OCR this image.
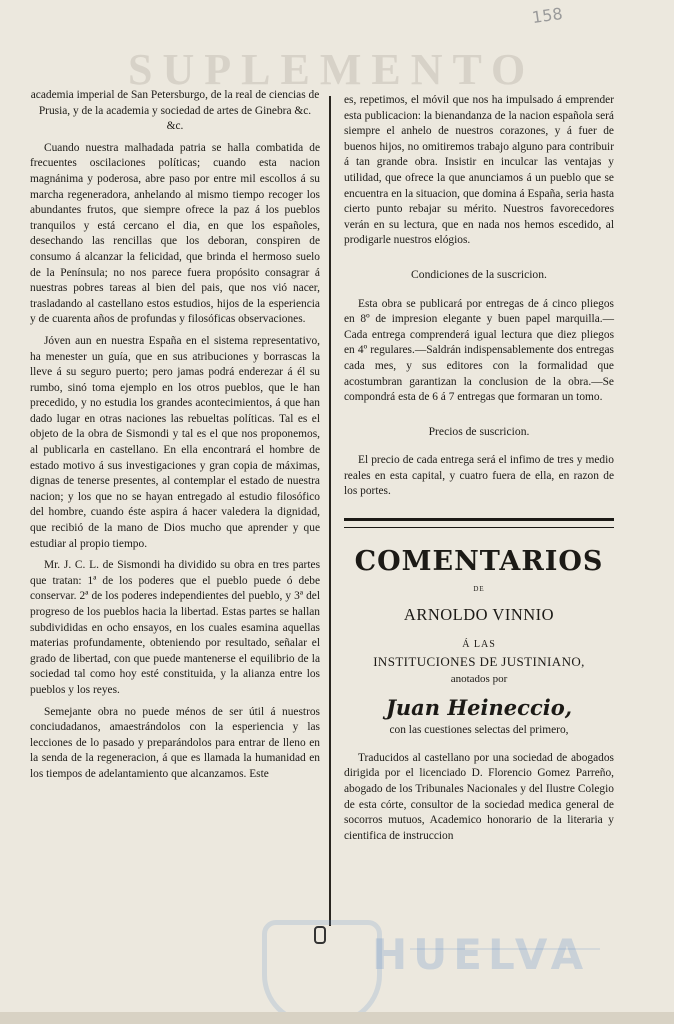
SUPLEMENTO
158

academia imperial de San Petersburgo, de la real de ciencias de Prusia, y de la academia y sociedad de artes de Ginebra &c. &c.

Cuando nuestra malhadada patria se halla combatida de frecuentes oscilaciones políticas; cuando esta nacion magnánima y poderosa, abre paso por entre mil escollos á su marcha regeneradora, anhelando al mismo tiempo recoger los abundantes frutos, que siempre ofrece la paz á los pueblos tranquilos y está cercano el dia, en que los españoles, desechando las rencillas que los deboran, conspiren de consumo á alcanzar la felicidad, que brinda el hermoso suelo de la Península; no nos parece fuera propósito consagrar á nuestras pobres tareas al bien del pais, que nos vió nacer, trasladando al castellano estos estudios, hijos de la esperiencia y de cuarenta años de profundas y filosóficas observaciones.

Jóven aun en nuestra España en el sistema representativo, ha menester un guía, que en sus atribuciones y borrascas la lleve á su seguro puerto; pero jamas podrá enderezar á él su rumbo, sinó toma ejemplo en los otros pueblos, que le han precedido, y no estudia los grandes acontecimientos, á que han dado lugar en otras naciones las rebueltas políticas. Tal es el objeto de la obra de Sismondi y tal es el que nos proponemos, al publicarla en castellano. En ella encontrará el hombre de estado motivo á sus investigaciones y gran copia de máximas, dignas de tenerse presentes, al contemplar el estado de nuestra nacion; y los que no se hayan entregado al estudio filosófico del hombre, cuando éste aspira á hacer valedera la dignidad, que recibió de la mano de Dios mucho que aprender y que estudiar al propio tiempo.

Mr. J. C. L. de Sismondi ha dividido su obra en tres partes que tratan: 1ª de los poderes que el pueblo puede ó debe conservar. 2ª de los poderes independientes del pueblo, y 3ª del progreso de los pueblos hacia la libertad. Estas partes se hallan subdivididas en ocho ensayos, en los cuales esamina aquellas materias profundamente, obteniendo por resultado, señalar el grado de libertad, con que puede mantenerse el equilibrio de la sociedad tal como hoy esté constituida, y la alianza entre los pueblos y los reyes.

Semejante obra no puede ménos de ser útil á nuestros conciudadanos, amaestrándolos con la esperiencia y las lecciones de lo pasado y preparándolos para entrar de lleno en la senda de la regeneracion, á que es llamada la humanidad en los tiempos de adelantamiento que alcanzamos. Este

es, repetimos, el móvil que nos ha impulsado á emprender esta publicacion: la bienandanza de la nacion española será siempre el anhelo de nuestros corazones, y á fuer de buenos hijos, no omitiremos trabajo alguno para contribuir á tan grande obra. Insistir en inculcar las ventajas y utilidad, que ofrece la que anunciamos á un pueblo que se encuentra en la situacion, que domina á España, seria hasta cierto punto rebajar su mérito. Nuestros favorecedores verán en su lectura, que en nada nos hemos escedido, al prodigarle nuestros elógios.

Condiciones de la suscricion.

Esta obra se publicará por entregas de á cinco pliegos en 8º de impresion elegante y buen papel marquilla.—Cada entrega comprenderá igual lectura que diez pliegos en 4º regulares.—Saldrán indispensablemente dos entregas cada mes, y sus editores con la formalidad que acostumbran garantizan la conclusion de la obra.—Se compondrá esta de 6 á 7 entregas que formaran un tomo.

Precios de suscricion.

El precio de cada entrega será el infimo de tres y medio reales en esta capital, y cuatro fuera de ella, en razon de los portes.

COMENTARIOS
DE
ARNOLDO VINNIO
Á LAS
INSTITUCIONES DE JUSTINIANO,
anotados por
Juan Heineccio,
con las cuestiones selectas del primero,

Traducidos al castellano por una sociedad de abogados dirigida por el licenciado D. Florencio Gomez Parreño, abogado de los Tribunales Nacionales y del Ilustre Colegio de esta córte, consultor de la sociedad medica general de socorros mutuos, Academico honorario de la literaria y cientifica de instruccion

HUELVA
